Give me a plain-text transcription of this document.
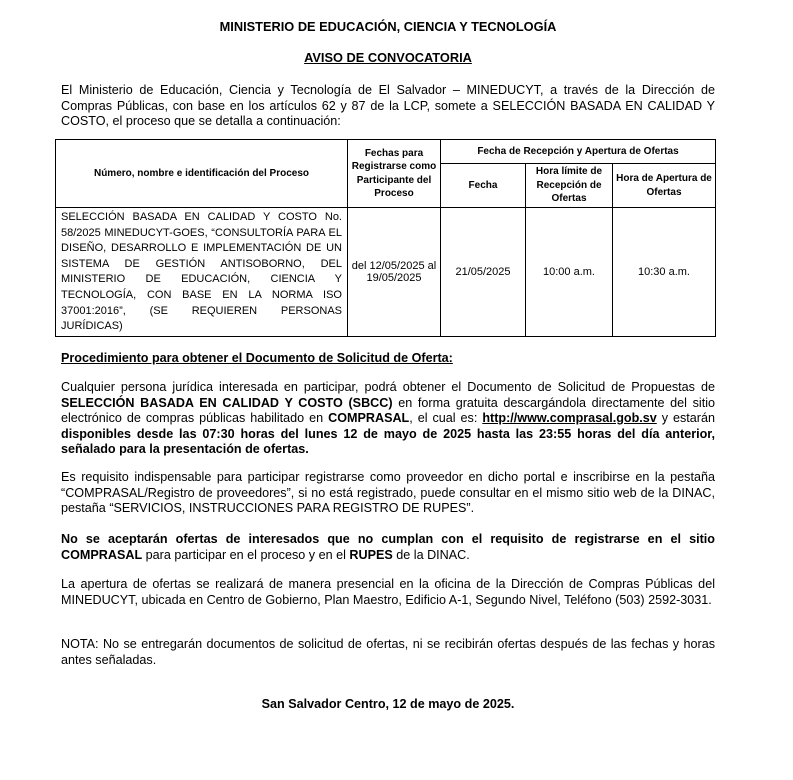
MINISTERIO DE EDUCACIÓN, CIENCIA Y TECNOLOGÍA
AVISO DE CONVOCATORIA

El Ministerio de Educación, Ciencia y Tecnología de El Salvador – MINEDUCYT, a través de la Dirección de Compras Públicas, con base en los artículos 62 y 87 de la LCP, somete a SELECCIÓN BASADA EN CALIDAD Y COSTO, el proceso que se detalla a continuación:

Número, nombre e identificación del Proceso	Fechas para Registrarse como Participante del Proceso	Fecha de Recepción y Apertura de Ofertas		
		Fecha	Hora límite de Recepción de Ofertas	Hora de Apertura de Ofertas
SELECCIÓN BASADA EN CALIDAD Y COSTO No. 58/2025 MINEDUCYT-GOES, “CONSULTORÍA PARA EL DISEÑO, DESARROLLO E IMPLEMENTACIÓN DE UN SISTEMA DE GESTIÓN ANTISOBORNO, DEL MINISTERIO DE EDUCACIÓN, CIENCIA Y TECNOLOGÍA, CON BASE EN LA NORMA ISO 37001:2016”, (SE REQUIEREN PERSONAS JURÍDICAS)	del 12/05/2025 al 19/05/2025	21/05/2025	10:00 a.m.	10:30 a.m.
Procedimiento para obtener el Documento de Solicitud de Oferta:

Cualquier persona jurídica interesada en participar, podrá obtener el Documento de Solicitud de Propuestas de SELECCIÓN BASADA EN CALIDAD Y COSTO (SBCC) en forma gratuita descargándola directamente del sitio electrónico de compras públicas habilitado en COMPRASAL, el cual es: http://www.comprasal.gob.sv y estarán disponibles desde las 07:30 horas del lunes 12 de mayo de 2025 hasta las 23:55 horas del día anterior, señalado para la presentación de ofertas.

Es requisito indispensable para participar registrarse como proveedor en dicho portal e inscribirse en la pestaña “COMPRASAL/Registro de proveedores”, si no está registrado, puede consultar en el mismo sitio web de la DINAC, pestaña “SERVICIOS, INSTRUCCIONES PARA REGISTRO DE RUPES”.

No se aceptarán ofertas de interesados que no cumplan con el requisito de registrarse en el sitio COMPRASAL para participar en el proceso y en el RUPES de la DINAC.

La apertura de ofertas se realizará de manera presencial en la oficina de la Dirección de Compras Públicas del MINEDUCYT, ubicada en Centro de Gobierno, Plan Maestro, Edificio A-1, Segundo Nivel, Teléfono (503) 2592-3031.

NOTA: No se entregarán documentos de solicitud de ofertas, ni se recibirán ofertas después de las fechas y horas antes señaladas.

San Salvador Centro, 12 de mayo de 2025.
